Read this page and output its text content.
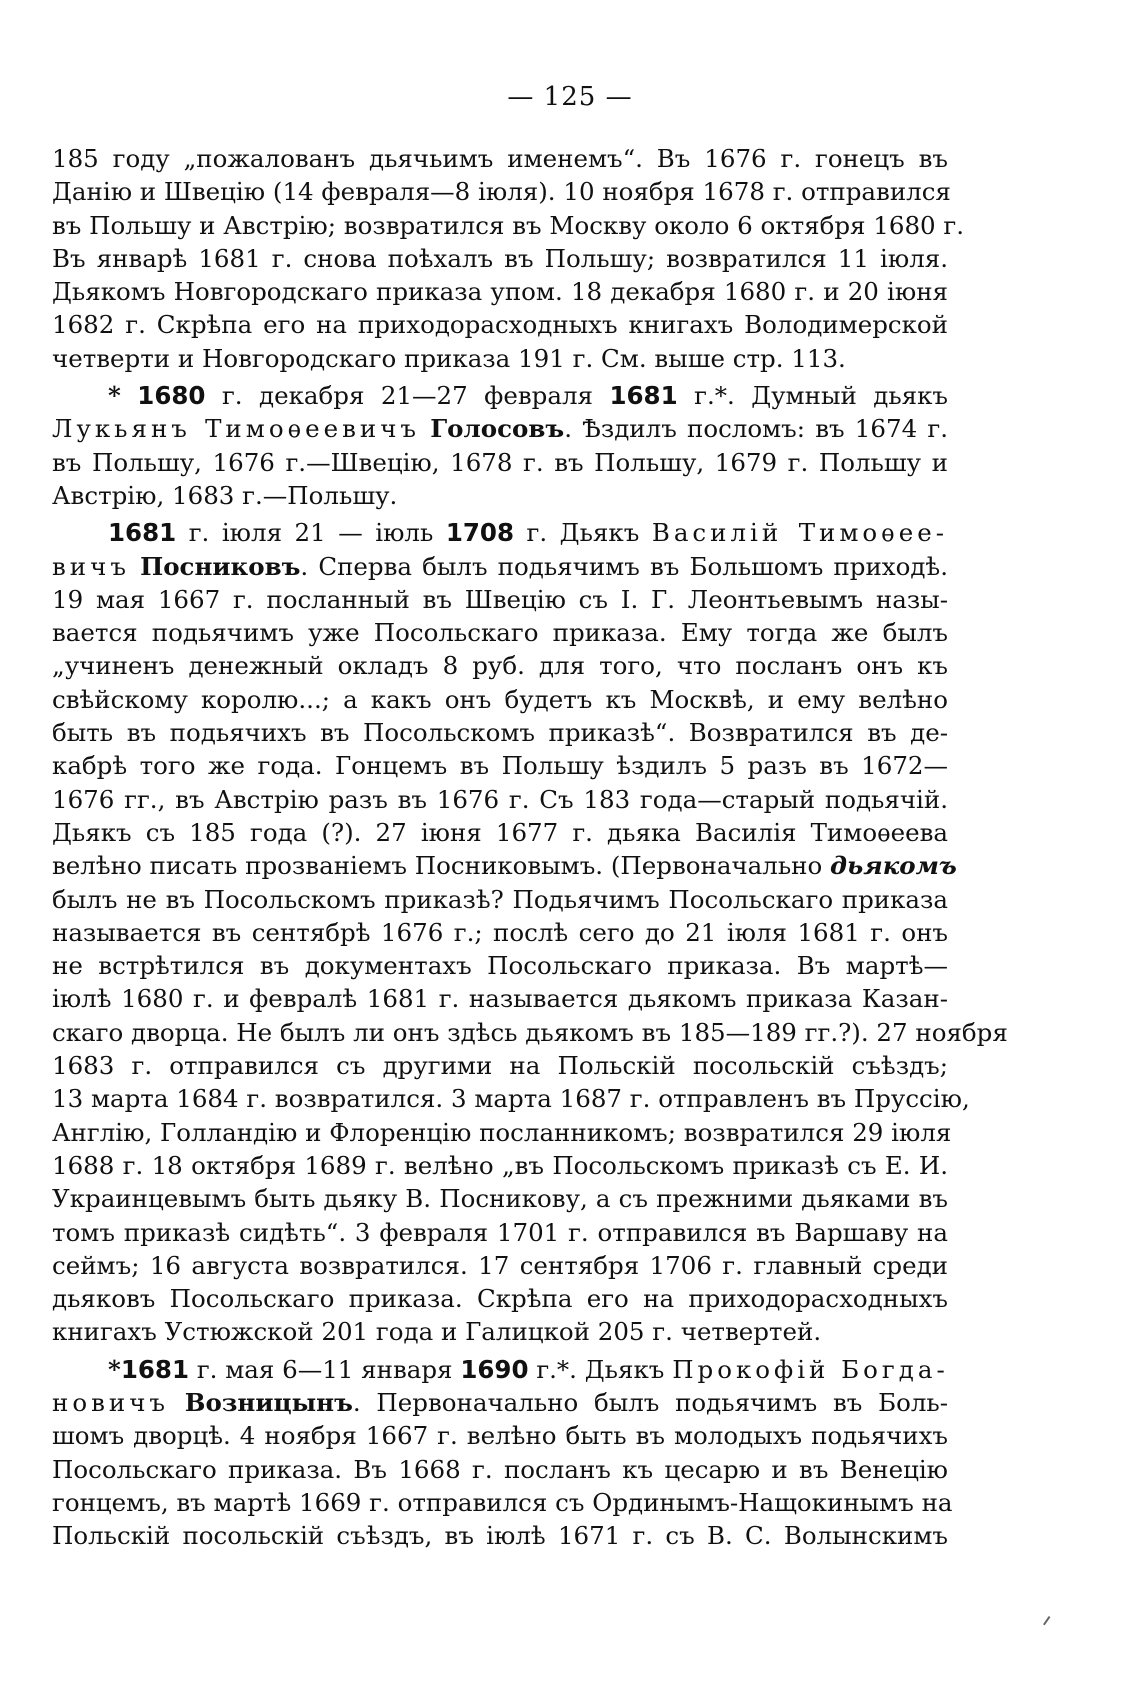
— 125 —
185 году „пожалованъ дьячьимъ именемъ“. Въ 1676 г. гонецъ въ
Данію и Швецію (14 февраля—8 іюля). 10 ноября 1678 г. отправился
въ Польшу и Австрію; возвратился въ Москву около 6 октября 1680 г.
Въ январѣ 1681 г. снова поѣхалъ въ Польшу; возвратился 11 іюля.
Дьякомъ Новгородскаго приказа упом. 18 декабря 1680 г. и 20 іюня
1682 г. Скрѣпа его на приходорасходныхъ книгахъ Володимерской
четверти и Новгородскаго приказа 191 г. См. выше стр. 113.
* 1680 г. декабря 21—27 февраля 1681 г.*. Думный дьякъ
Лукьянъ Тимоѳеевичъ Голосовъ. Ѣздилъ посломъ: въ 1674 г.
въ Польшу, 1676 г.—Швецію, 1678 г. въ Польшу, 1679 г. Польшу и
Австрію, 1683 г.—Польшу.
1681 г. іюля 21 — іюль 1708 г. Дьякъ Василій Тимоѳее-
вичъ Посниковъ. Сперва былъ подьячимъ въ Большомъ приходѣ.
19 мая 1667 г. посланный въ Швецію съ І. Г. Леонтьевымъ назы-
вается подьячимъ уже Посольскаго приказа. Ему тогда же былъ
„учиненъ денежный окладъ 8 руб. для того, что посланъ онъ къ
свѣйскому королю...; а какъ онъ будетъ къ Москвѣ, и ему велѣно
быть въ подьячихъ въ Посольскомъ приказѣ“. Возвратился въ де-
кабрѣ того же года. Гонцемъ въ Польшу ѣздилъ 5 разъ въ 1672—
1676 гг., въ Австрію разъ въ 1676 г. Съ 183 года—старый подьячій.
Дьякъ съ 185 года (?). 27 іюня 1677 г. дьяка Василія Тимоѳеева
велѣно писать прозваніемъ Посниковымъ. (Первоначально дьякомъ
былъ не въ Посольскомъ приказѣ? Подьячимъ Посольскаго приказа
называется въ сентябрѣ 1676 г.; послѣ сего до 21 іюля 1681 г. онъ
не встрѣтился въ документахъ Посольскаго приказа. Въ мартѣ—
іюлѣ 1680 г. и февралѣ 1681 г. называется дьякомъ приказа Казан-
скаго дворца. Не былъ ли онъ здѣсь дьякомъ въ 185—189 гг.?). 27 ноября
1683 г. отправился съ другими на Польскій посольскій съѣздъ;
13 марта 1684 г. возвратился. 3 марта 1687 г. отправленъ въ Пруссію,
Англію, Голландію и Флоренцію посланникомъ; возвратился 29 іюля
1688 г. 18 октября 1689 г. велѣно „въ Посольскомъ приказѣ съ Е. И.
Украинцевымъ быть дьяку В. Посникову, а съ прежними дьяками въ
томъ приказѣ сидѣть“. 3 февраля 1701 г. отправился въ Варшаву на
сеймъ; 16 августа возвратился. 17 сентября 1706 г. главный среди
дьяковъ Посольскаго приказа. Скрѣпа его на приходорасходныхъ
книгахъ Устюжской 201 года и Галицкой 205 г. четвертей.
*1681 г. мая 6—11 января 1690 г.*. Дьякъ Прокофій Богда-
новичъ Возницынъ. Первоначально былъ подьячимъ въ Боль-
шомъ дворцѣ. 4 ноября 1667 г. велѣно быть въ молодыхъ подьячихъ
Посольскаго приказа. Въ 1668 г. посланъ къ цесарю и въ Венецію
гонцемъ, въ мартѣ 1669 г. отправился съ Ординымъ-Нащокинымъ на
Польскій посольскій съѣздъ, въ іюлѣ 1671 г. съ В. С. Волынскимъ
